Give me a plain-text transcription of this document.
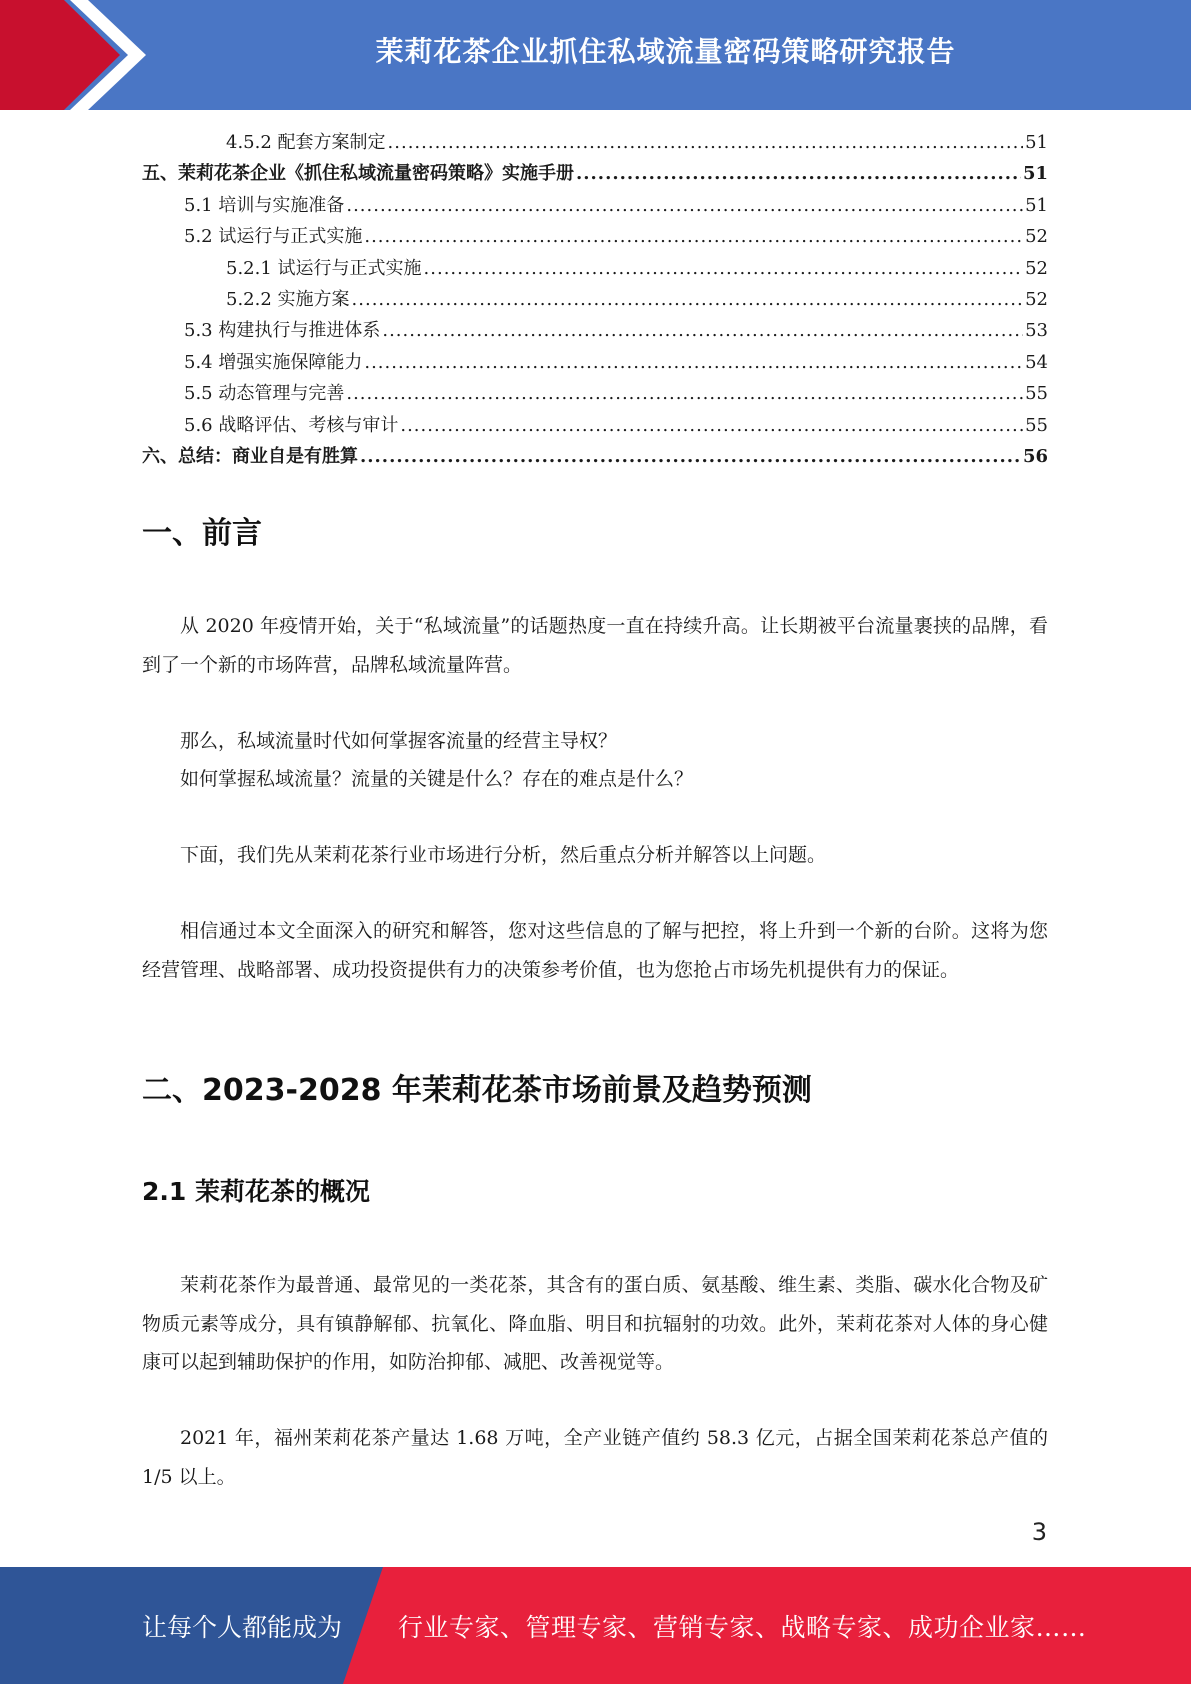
茉莉花茶企业抓住私域流量密码策略研究报告
4.5.2 配套方案制定 .....	51
五、茉莉花茶企业《抓住私域流量密码策略》实施手册 .....	51
5.1 培训与实施准备 .....	51
5.2 试运行与正式实施 .....	52
5.2.1 试运行与正式实施 .....	52
5.2.2 实施方案 .....	52
5.3 构建执行与推进体系 .....	53
5.4 增强实施保障能力 .....	54
5.5 动态管理与完善 .....	55
5.6 战略评估、考核与审计 .....	55
六、总结：商业自是有胜算 .....	56
一、前言

从 2020 年疫情开始，关于“私域流量”的话题热度一直在持续升高。让长期被平台流量裹挟的品牌，看到了一个新的市场阵营，品牌私域流量阵营。

那么，私域流量时代如何掌握客流量的经营主导权？

如何掌握私域流量？流量的关键是什么？存在的难点是什么？

下面，我们先从茉莉花茶行业市场进行分析，然后重点分析并解答以上问题。

相信通过本文全面深入的研究和解答，您对这些信息的了解与把控，将上升到一个新的台阶。这将为您经营管理、战略部署、成功投资提供有力的决策参考价值，也为您抢占市场先机提供有力的保证。

二、2023-2028 年茉莉花茶市场前景及趋势预测
2.1 茉莉花茶的概况

茉莉花茶作为最普通、最常见的一类花茶，其含有的蛋白质、氨基酸、维生素、类脂、碳水化合物及矿物质元素等成分，具有镇静解郁、抗氧化、降血脂、明目和抗辐射的功效。此外，茉莉花茶对人体的身心健康可以起到辅助保护的作用，如防治抑郁、减肥、改善视觉等。

2021 年，福州茉莉花茶产量达 1.68 万吨，全产业链产值约 58.3 亿元，占据全国茉莉花茶总产值的 1/5 以上。

3
让每个人都能成为 行业专家、管理专家、营销专家、战略专家、成功企业家……
